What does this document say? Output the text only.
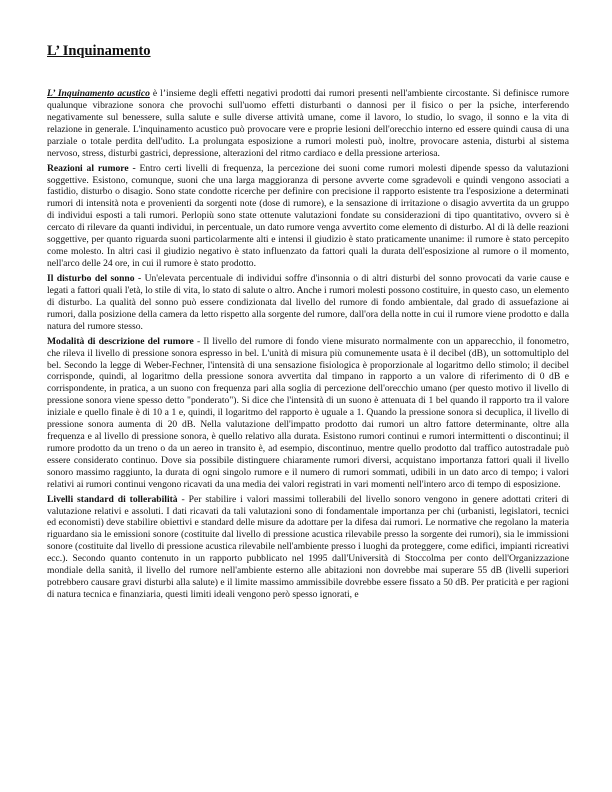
L’ Inquinamento

L’ Inquinamento acustico è l’insieme degli effetti negativi prodotti dai rumori presenti nell'ambiente circostante. Si definisce rumore qualunque vibrazione sonora che provochi sull'uomo effetti disturbanti o dannosi per il fisico o per la psiche, interferendo negativamente sul benessere, sulla salute e sulle diverse attività umane, come il lavoro, lo studio, lo svago, il sonno e la vita di relazione in generale. L'inquinamento acustico può provocare vere e proprie lesioni dell'orecchio interno ed essere quindi causa di una parziale o totale perdita dell'udito. La prolungata esposizione a rumori molesti può, inoltre, provocare astenia, disturbi al sistema nervoso, stress, disturbi gastrici, depressione, alterazioni del ritmo cardiaco e della pressione arteriosa.

Reazioni al rumore - Entro certi livelli di frequenza, la percezione dei suoni come rumori molesti dipende spesso da valutazioni soggettive. Esistono, comunque, suoni che una larga maggioranza di persone avverte come sgradevoli e quindi vengono associati a fastidio, disturbo o disagio. Sono state condotte ricerche per definire con precisione il rapporto esistente tra l'esposizione a determinati rumori di intensità nota e provenienti da sorgenti note (dose di rumore), e la sensazione di irritazione o disagio avvertita da un gruppo di individui esposti a tali rumori. Perlopiù sono state ottenute valutazioni fondate su considerazioni di tipo quantitativo, ovvero si è cercato di rilevare da quanti individui, in percentuale, un dato rumore venga avvertito come elemento di disturbo. Al di là delle reazioni soggettive, per quanto riguarda suoni particolarmente alti e intensi il giudizio è stato praticamente unanime: il rumore è stato percepito come molesto. In altri casi il giudizio negativo è stato influenzato da fattori quali la durata dell'esposizione al rumore o il momento, nell'arco delle 24 ore, in cui il rumore è stato prodotto.

Il disturbo del sonno - Un'elevata percentuale di individui soffre d'insonnia o di altri disturbi del sonno provocati da varie cause e legati a fattori quali l'età, lo stile di vita, lo stato di salute o altro. Anche i rumori molesti possono costituire, in questo caso, un elemento di disturbo. La qualità del sonno può essere condizionata dal livello del rumore di fondo ambientale, dal grado di assuefazione ai rumori, dalla posizione della camera da letto rispetto alla sorgente del rumore, dall'ora della notte in cui il rumore viene prodotto e dalla natura del rumore stesso.

Modalità di descrizione del rumore - Il livello del rumore di fondo viene misurato normalmente con un apparecchio, il fonometro, che rileva il livello di pressione sonora espresso in bel. L'unità di misura più comunemente usata è il decibel (dB), un sottomultiplo del bel. Secondo la legge di Weber-Fechner, l'intensità di una sensazione fisiologica è proporzionale al logaritmo dello stimolo; il decibel corrisponde, quindi, al logaritmo della pressione sonora avvertita dal timpano in rapporto a un valore di riferimento di 0 dB e corrispondente, in pratica, a un suono con frequenza pari alla soglia di percezione dell'orecchio umano (per questo motivo il livello di pressione sonora viene spesso detto "ponderato"). Si dice che l'intensità di un suono è attenuata di 1 bel quando il rapporto tra il valore iniziale e quello finale è di 10 a 1 e, quindi, il logaritmo del rapporto è uguale a 1. Quando la pressione sonora si decuplica, il livello di pressione sonora aumenta di 20 dB. Nella valutazione dell'impatto prodotto dai rumori un altro fattore determinante, oltre alla frequenza e al livello di pressione sonora, è quello relativo alla durata. Esistono rumori continui e rumori intermittenti o discontinui; il rumore prodotto da un treno o da un aereo in transito è, ad esempio, discontinuo, mentre quello prodotto dal traffico autostradale può essere considerato continuo. Dove sia possibile distinguere chiaramente rumori diversi, acquistano importanza fattori quali il livello sonoro massimo raggiunto, la durata di ogni singolo rumore e il numero di rumori sommati, udibili in un dato arco di tempo; i valori relativi ai rumori continui vengono ricavati da una media dei valori registrati in vari momenti nell'intero arco di tempo di esposizione.

Livelli standard di tollerabilità - Per stabilire i valori massimi tollerabili del livello sonoro vengono in genere adottati criteri di valutazione relativi e assoluti. I dati ricavati da tali valutazioni sono di fondamentale importanza per chi (urbanisti, legislatori, tecnici ed economisti) deve stabilire obiettivi e standard delle misure da adottare per la difesa dai rumori. Le normative che regolano la materia riguardano sia le emissioni sonore (costituite dal livello di pressione acustica rilevabile presso la sorgente dei rumori), sia le immissioni sonore (costituite dal livello di pressione acustica rilevabile nell'ambiente presso i luoghi da proteggere, come edifici, impianti ricreativi ecc.). Secondo quanto contenuto in un rapporto pubblicato nel 1995 dall'Università di Stoccolma per conto dell'Organizzazione mondiale della sanità, il livello del rumore nell'ambiente esterno alle abitazioni non dovrebbe mai superare 55 dB (livelli superiori potrebbero causare gravi disturbi alla salute) e il limite massimo ammissibile dovrebbe essere fissato a 50 dB. Per praticità e per ragioni di natura tecnica e finanziaria, questi limiti ideali vengono però spesso ignorati, e
